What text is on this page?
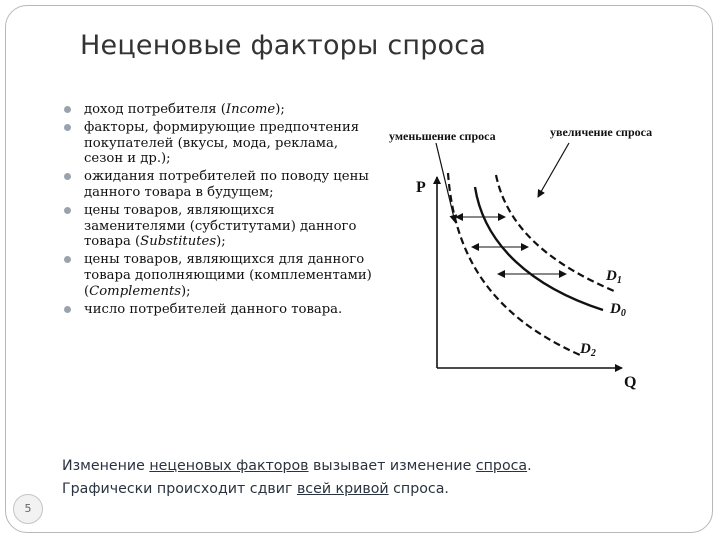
Неценовые факторы спроса
доход потребителя (Income);
факторы, формирующие предпочтения покупателей (вкусы, мода, реклама, сезон и др.);
ожидания потребителей по поводу цены данного товара в будущем;
цены товаров, являющихся заменителями (субститутами) данного товара (Substitutes);
цены товаров, являющихся для данного товара дополняющими (комплементами) (Complements);
число потребителей данного товара.
уменьшение спроса	увеличение спроса
P
Q
$D_1$
$D_0$
$D_2$
Изменение неценовых факторов вызывает изменение спроса.
Графически происходит сдвиг всей кривой спроса.
5
